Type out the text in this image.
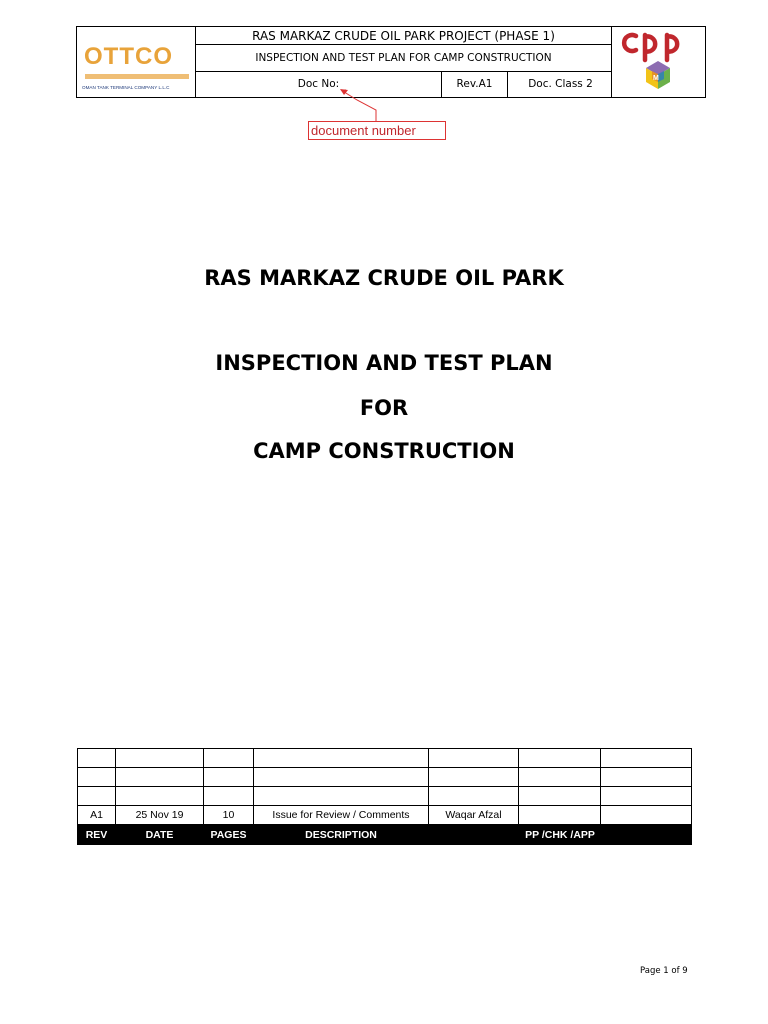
OTTCO
OMAN TANK TERMINAL COMPANY L.L.C
RAS MARKAZ CRUDE OIL PARK PROJECT (PHASE 1)
INSPECTION AND TEST PLAN FOR CAMP CONSTRUCTION
Doc No:	Rev.A1	Doc. Class 2	M
document number
RAS MARKAZ CRUDE OIL PARK
INSPECTION AND TEST PLAN
FOR
CAMP CONSTRUCTION

A1	25 Nov 19	10	Issue for Review / Comments	Waqar Afzal		
REV	DATE	PAGES	DESCRIPTION	PP /CHK /APP		
Page 1 of 9
